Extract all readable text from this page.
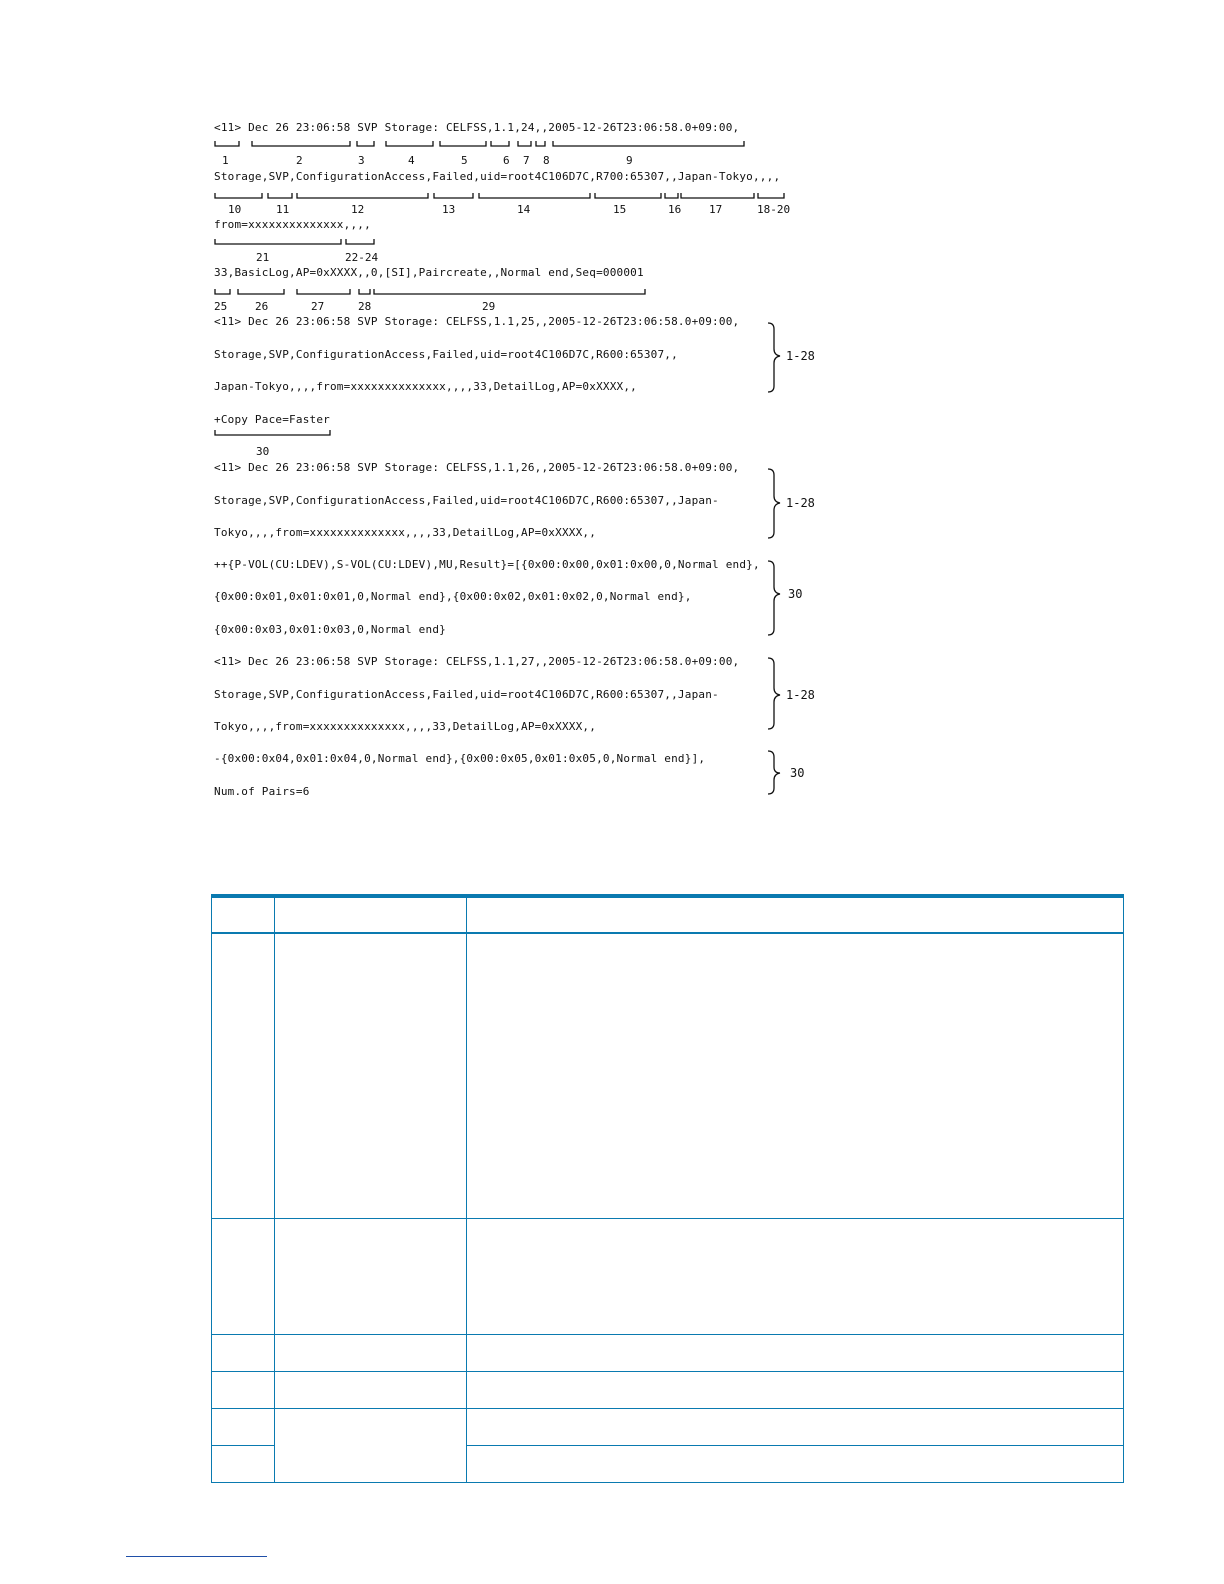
<11> Dec 26 23:06:58 SVP Storage: CELFSS,1.1,24,,2005-12-26T23:06:58.0+09:00,
Storage,SVP,ConfigurationAccess,Failed,uid=root4C106D7C,R700:65307,,Japan-Tokyo,,,,
from=xxxxxxxxxxxxxx,,,,
33,BasicLog,AP=0xXXXX,,0,[SI],Paircreate,,Normal end,Seq=000001
<11> Dec 26 23:06:58 SVP Storage: CELFSS,1.1,25,,2005-12-26T23:06:58.0+09:00,
Storage,SVP,ConfigurationAccess,Failed,uid=root4C106D7C,R600:65307,,
Japan-Tokyo,,,,from=xxxxxxxxxxxxxx,,,,33,DetailLog,AP=0xXXXX,,
+Copy Pace=Faster
<11> Dec 26 23:06:58 SVP Storage: CELFSS,1.1,26,,2005-12-26T23:06:58.0+09:00,
Storage,SVP,ConfigurationAccess,Failed,uid=root4C106D7C,R600:65307,,Japan-
Tokyo,,,,from=xxxxxxxxxxxxxx,,,,33,DetailLog,AP=0xXXXX,,
++{P-VOL(CU:LDEV),S-VOL(CU:LDEV),MU,Result}=[{0x00:0x00,0x01:0x00,0,Normal end},
{0x00:0x01,0x01:0x01,0,Normal end},{0x00:0x02,0x01:0x02,0,Normal end},
{0x00:0x03,0x01:0x03,0,Normal end}
<11> Dec 26 23:06:58 SVP Storage: CELFSS,1.1,27,,2005-12-26T23:06:58.0+09:00,
Storage,SVP,ConfigurationAccess,Failed,uid=root4C106D7C,R600:65307,,Japan-
Tokyo,,,,from=xxxxxxxxxxxxxx,,,,33,DetailLog,AP=0xXXXX,,
-{0x00:0x04,0x01:0x04,0,Normal end},{0x00:0x05,0x01:0x05,0,Normal end}],
Num.of Pairs=6
1	2	3	4	5	6 7 8	9
10	11	12	13	14	15	16	17	18-20
21	22-24
25	26	27	28	29
30
1-28
1-28
30
1-28
30
